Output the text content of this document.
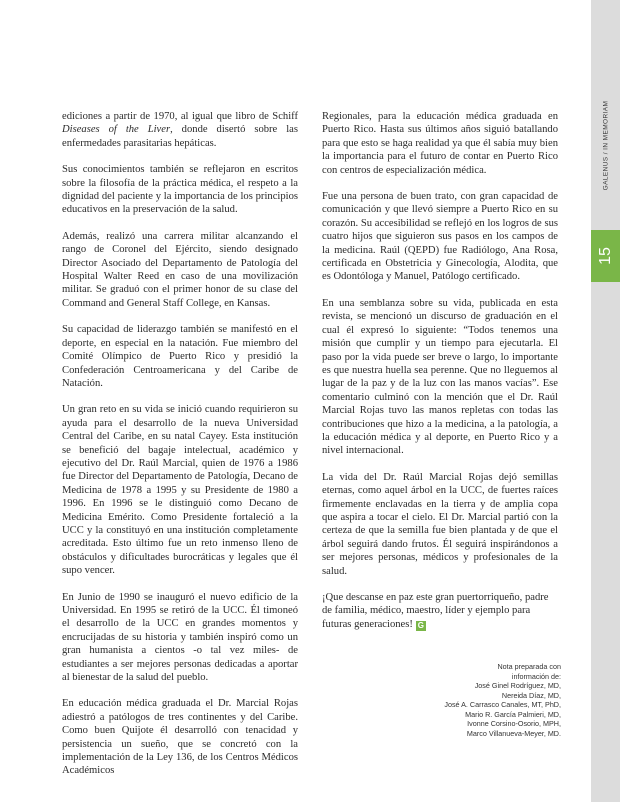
GALENUS / IN MEMORIAM
15

ediciones a partir de 1970, al igual que libro de Schiff Diseases of the Liver, donde disertó sobre las enfermedades parasitarias hepáticas.

Sus conocimientos también se reflejaron en escritos sobre la filosofía de la práctica médica, el respeto a la dignidad del paciente y la importancia de los principios educativos en la preservación de la salud.

Además, realizó una carrera militar alcanzando el rango de Coronel del Ejército, siendo designado Director Asociado del Departamento de Patología del Hospital Walter Reed en caso de una movilización militar. Se graduó con el primer honor de su clase del Command and General Staff College, en Kansas.

Su capacidad de liderazgo también se manifestó en el deporte, en especial en la natación. Fue miembro del Comité Olímpico de Puerto Rico y presidió la Confederación Centroamericana y del Caribe de Natación.

Un gran reto en su vida se inició cuando requirieron su ayuda para el desarrollo de la nueva Universidad Central del Caribe, en su natal Cayey. Esta institución se benefició del bagaje intelectual, académico y ejecutivo del Dr. Raúl Marcial, quien de 1976 a 1986 fue Director del Departamento de Patología, Decano de Medicina de 1978 a 1995 y su Presidente de 1980 a 1996. En 1996 se le distinguió como Decano de Medicina Emérito. Como Presidente fortaleció a la UCC y la constituyó en una institución completamente acreditada. Esto último fue un reto inmenso lleno de obstáculos y dificultades burocráticas y legales que él supo vencer.

En Junio de 1990 se inauguró el nuevo edificio de la Universidad. En 1995 se retiró de la UCC. Él timoneó el desarrollo de la UCC en grandes momentos y encrucijadas de su historia y también inspiró como un gran humanista a cientos -o tal vez miles- de estudiantes a ser mejores personas dedicadas a aportar al bienestar de la salud del pueblo.

En educación médica graduada el Dr. Marcial Rojas adiestró a patólogos de tres continentes y del Caribe. Como buen Quijote él desarrolló con tenacidad y persistencia un sueño, que se concretó con la implementación de la Ley 136, de los Centros Médicos Académicos

Regionales, para la educación médica graduada en Puerto Rico. Hasta sus últimos años siguió batallando para que esto se haga realidad ya que él sabía muy bien la importancia para el futuro de contar en Puerto Rico con centros de especialización médica.

Fue una persona de buen trato, con gran capacidad de comunicación y que llevó siempre a Puerto Rico en su corazón. Su accesibilidad se reflejó en los logros de sus cuatro hijos que siguieron sus pasos en los campos de la medicina. Raúl (QEPD) fue Radiólogo, Ana Rosa, certificada en Obstetricia y Ginecología, Alodita, que es Odontóloga y Manuel, Patólogo certificado.

En una semblanza sobre su vida, publicada en esta revista, se mencionó un discurso de graduación en el cual él expresó lo siguiente: “Todos tenemos una misión que cumplir y un tiempo para ejecutarla. El paso por la vida puede ser breve o largo, lo importante es que nuestra huella sea perenne. Que no lleguemos al lugar de la paz y de la luz con las manos vacías”. Ese comentario culminó con la mención que el Dr. Raúl Marcial Rojas tuvo las manos repletas con todas las contribuciones que hizo a la medicina, a la patología, a la educación médica y al deporte, en Puerto Rico y a nivel internacional.

La vida del Dr. Raúl Marcial Rojas dejó semillas eternas, como aquel árbol en la UCC, de fuertes raíces firmemente enclavadas en la tierra y de amplia copa que aspira a tocar el cielo. El Dr. Marcial partió con la certeza de que la semilla fue bien plantada y de que el árbol seguirá dando frutos. Él seguirá inspirándonos a ser mejores personas, médicos y profesionales de la salud.

¡Que descanse en paz este gran puertorriqueño, padre de familia, médico, maestro, líder y ejemplo para futuras generaciones! G

Nota preparada con
información de:
José Ginel Rodríguez, MD,
Nereida Díaz, MD,
José A. Carrasco Canales, MT, PhD,
Mario R. García Palmieri, MD,
Ivonne Corsino-Osorio, MPH,
Marco Villanueva-Meyer, MD.
